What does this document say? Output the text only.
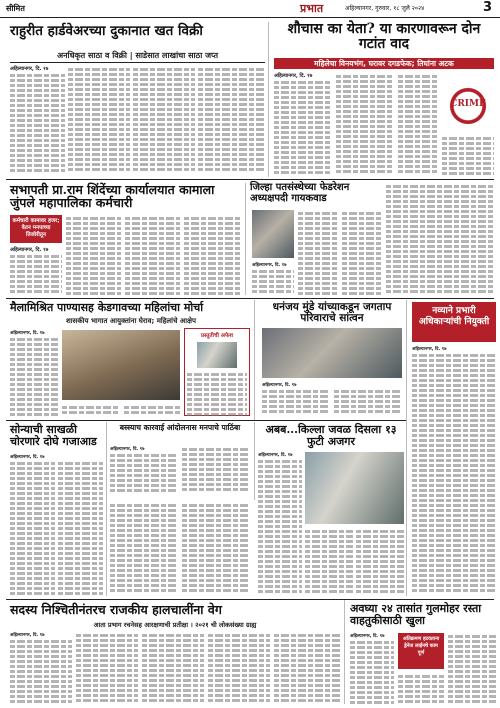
सीमित	प्रभात	अहिल्यानगर, गुरुवार, १८ जुलै २०२४	3
राहुरीत हार्डवेअरच्या दुकानात खत विक्री
अनधिकृत साठा व विक्री | साडेसात लाखांचा साठा जप्त
अहिल्यानगर, दि. १७
शौचास का येता? या कारणावरून दोन गटांत वाद
महिलेचा विनयभंग, घरावर दगडफेक; तिघांना अटक
अहिल्यानगर, दि. १७
CRIME
सभापती प्रा.राम शिंदेंच्या कार्यालयात कामाला जुंपले महापालिका कर्मचारी
कर्मचारी कामावर हजर; वेतन मनपाच्या तिजोरीतून
अहिल्यानगर, दि. १७
जिल्हा पतसंस्थेच्या फेडरेशन अध्यक्षपदी गायकवाड
अहिल्यानगर, दि. १७
मैलामिश्रित पाण्यासह केडगावच्या महिलांचा मोर्चा
शासकीय भागात आयुक्तांना घेराव; महिलांचे आक्षेप
अहिल्यानगर, दि. १७	प्रस्तुतीची अफेश
धनंजय मुंडे यांच्याकडून जगताप परिवाराचे सांत्वन
अहिल्यानगर, दि. १७
नव्याने प्रभारी अधिकाऱ्यांची नियुक्ती
अहिल्यानगर, दि. १७
सोन्याची साखळी चोरणारे दोघे गजाआड
अहिल्यानगर, दि. १७
बस्स्याच कारवाई आंदोलनास मनपाचे पाठिंबा
अहिल्यानगर, दि. १७
अबब...किल्ला जवळ दिसला १३ फुटी अजगर
अहिल्यानगर, दि. १७
सदस्य निश्चितीनंतरच राजकीय हालचालींना वेग
आता प्रभाग रचनेसह आरक्षणाची प्रतीक्षा । २०२१ ची लोकसंख्या ग्राह्य
अहिल्यानगर, दि. १७
अवघ्या २४ तासांत गुलमोहर रस्ता वाहतुकीसाठी खुला
अहिल्यानगर, दि. १७	अतिक्रमण हटवताना ड्रेनेज लाईनचे काम पूर्ण
